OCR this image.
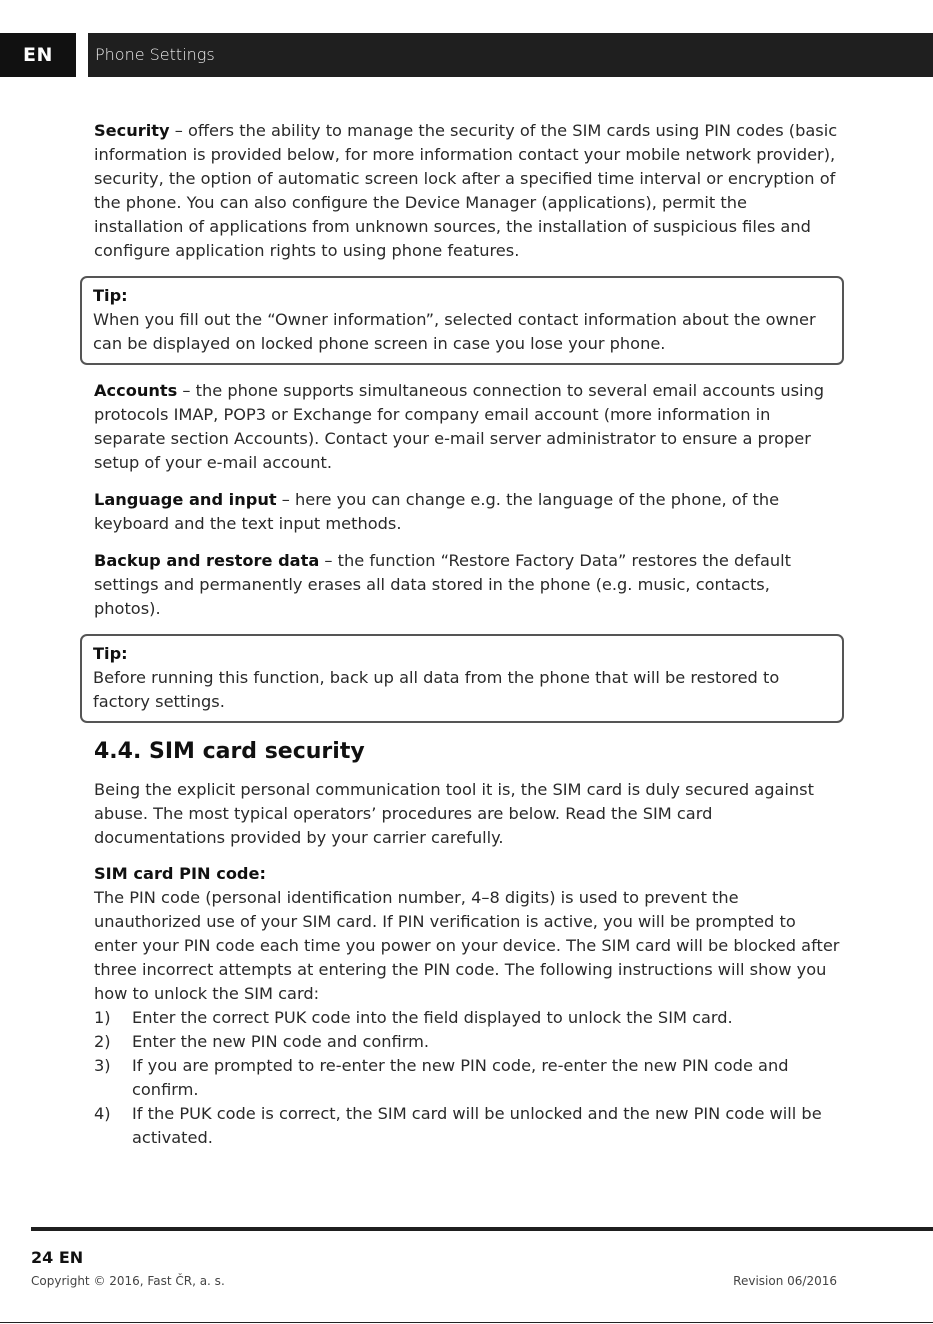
EN	Phone Settings

Security – offers the ability to manage the security of the SIM cards using PIN codes (basic information is provided below, for more information contact your mobile network provider), security, the option of automatic screen lock after a specified time interval or encryption of the phone. You can also configure the Device Manager (applications), permit the installation of applications from unknown sources, the installation of suspicious files and configure application rights to using phone features.

Tip:
When you fill out the “Owner information”, selected contact information about the owner can be displayed on locked phone screen in case you lose your phone.

Accounts – the phone supports simultaneous connection to several email accounts using protocols IMAP, POP3 or Exchange for company email account (more information in separate section Accounts). Contact your e-mail server administrator to ensure a proper setup of your e-mail account.

Language and input – here you can change e.g. the language of the phone, of the keyboard and the text input methods.

Backup and restore data – the function “Restore Factory Data” restores the default settings and permanently erases all data stored in the phone (e.g. music, contacts, photos).

Tip:
Before running this function, back up all data from the phone that will be restored to factory settings.
4.4. SIM card security

Being the explicit personal communication tool it is, the SIM card is duly secured against abuse. The most typical operators’ procedures are below. Read the SIM card documentations provided by your carrier carefully.

SIM card PIN code:

The PIN code (personal identification number, 4–8 digits) is used to prevent the unauthorized use of your SIM card. If PIN verification is active, you will be prompted to enter your PIN code each time you power on your device. The SIM card will be blocked after three incorrect attempts at entering the PIN code. The following instructions will show you how to unlock the SIM card:

1) Enter the correct PUK code into the field displayed to unlock the SIM card.
2) Enter the new PIN code and confirm.
3) If you are prompted to re-enter the new PIN code, re-enter the new PIN code and confirm.
4) If the PUK code is correct, the SIM card will be unlocked and the new PIN code will be activated.
24 EN
Copyright © 2016, Fast ČR, a. s.	Revision 06/2016
